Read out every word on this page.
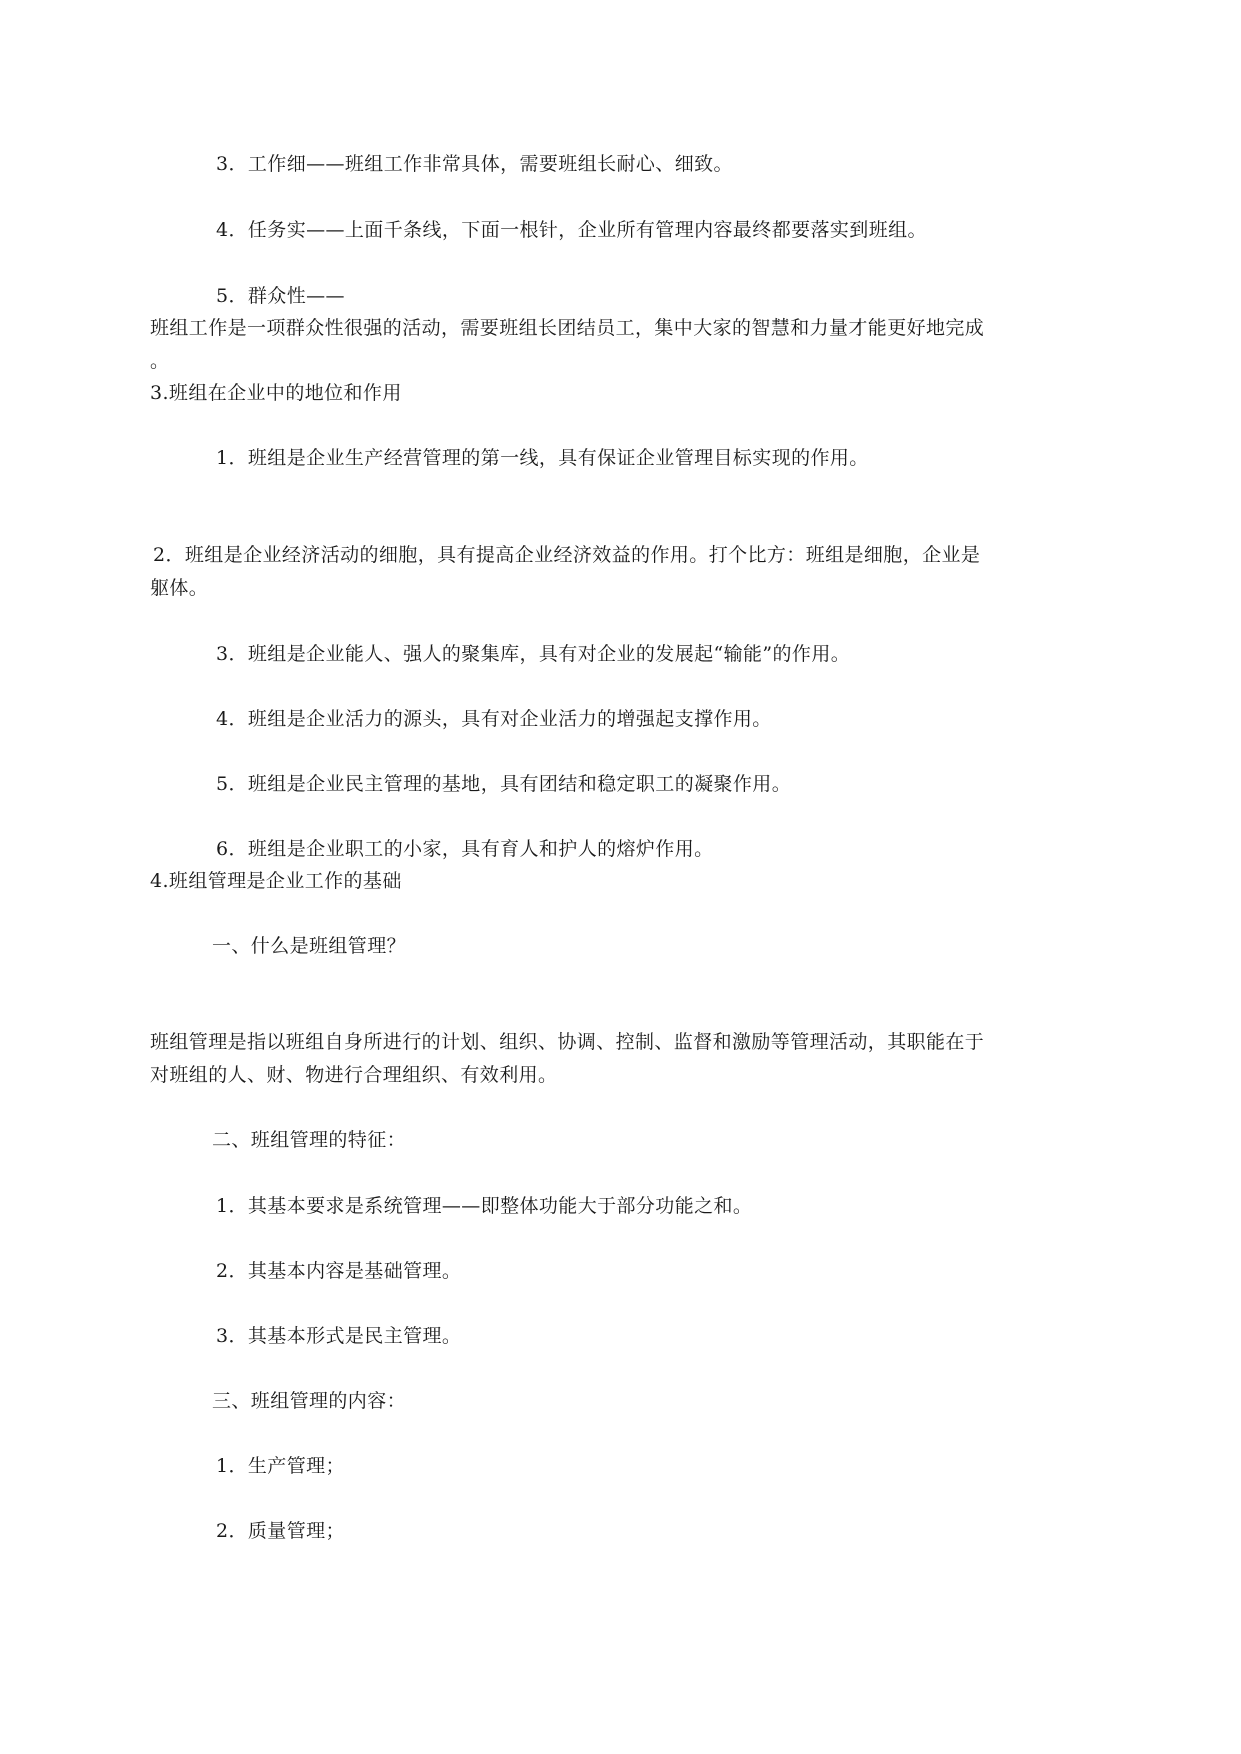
3．工作细——班组工作非常具体，需要班组长耐心、细致。
4．任务实——上面千条线，下面一根针，企业所有管理内容最终都要落实到班组。
5．群众性——
班组工作是一项群众性很强的活动，需要班组长团结员工，集中大家的智慧和力量才能更好地完成
。
3.班组在企业中的地位和作用
1．班组是企业生产经营管理的第一线，具有保证企业管理目标实现的作用。
2．班组是企业经济活动的细胞，具有提高企业经济效益的作用。打个比方：班组是细胞，企业是
躯体。
3．班组是企业能人、强人的聚集库，具有对企业的发展起“输能”的作用。
4．班组是企业活力的源头，具有对企业活力的增强起支撑作用。
5．班组是企业民主管理的基地，具有团结和稳定职工的凝聚作用。
6．班组是企业职工的小家，具有育人和护人的熔炉作用。
4.班组管理是企业工作的基础
一、什么是班组管理？
班组管理是指以班组自身所进行的计划、组织、协调、控制、监督和激励等管理活动，其职能在于
对班组的人、财、物进行合理组织、有效利用。
二、班组管理的特征：
1．其基本要求是系统管理——即整体功能大于部分功能之和。
2．其基本内容是基础管理。
3．其基本形式是民主管理。
三、班组管理的内容：
1．生产管理；
2．质量管理；
